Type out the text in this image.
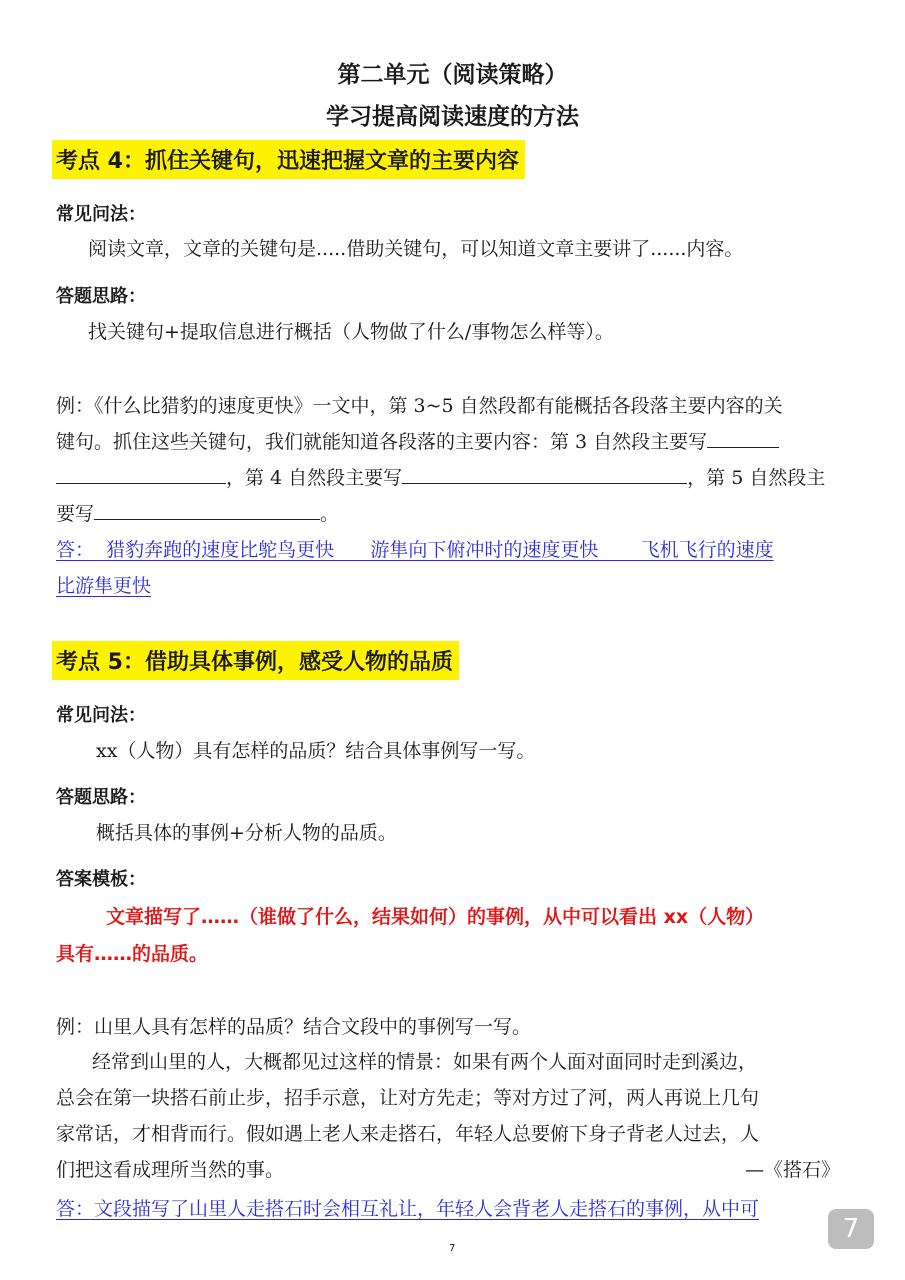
第二单元（阅读策略）
学习提高阅读速度的方法
考点 4：抓住关键句，迅速把握文章的主要内容
常见问法：
阅读文章，文章的关键句是.....借助关键句，可以知道文章主要讲了......内容。
答题思路：
找关键句+提取信息进行概括（人物做了什么/事物怎么样等）。
例：《什么比猎豹的速度更快》一文中，第 3~5 自然段都有能概括各段落主要内容的关
键句。抓住这些关键句，我们就能知道各段落的主要内容：第 3 自然段主要写
，第 4 自然段主要写	，第 5 自然段主
要写	。
答：  猎豹奔跑的速度比鸵鸟更快      游隼向下俯冲时的速度更快       飞机飞行的速度
比游隼更快
考点 5：借助具体事例，感受人物的品质
常见问法：
xx（人物）具有怎样的品质？结合具体事例写一写。
答题思路：
概括具体的事例+分析人物的品质。
答案模板：
文章描写了……（谁做了什么，结果如何）的事例，从中可以看出 xx（人物）
具有……的品质。
例：山里人具有怎样的品质？结合文段中的事例写一写。
经常到山里的人，大概都见过这样的情景：如果有两个人面对面同时走到溪边，
总会在第一块搭石前止步，招手示意，让对方先走；等对方过了河，两人再说上几句
家常话，才相背而行。假如遇上老人来走搭石，年轻人总要俯下身子背老人过去，人
们把这看成理所当然的事。	—《搭石》
答：文段描写了山里人走搭石时会相互礼让，年轻人会背老人走搭石的事例，从中可
7
7
